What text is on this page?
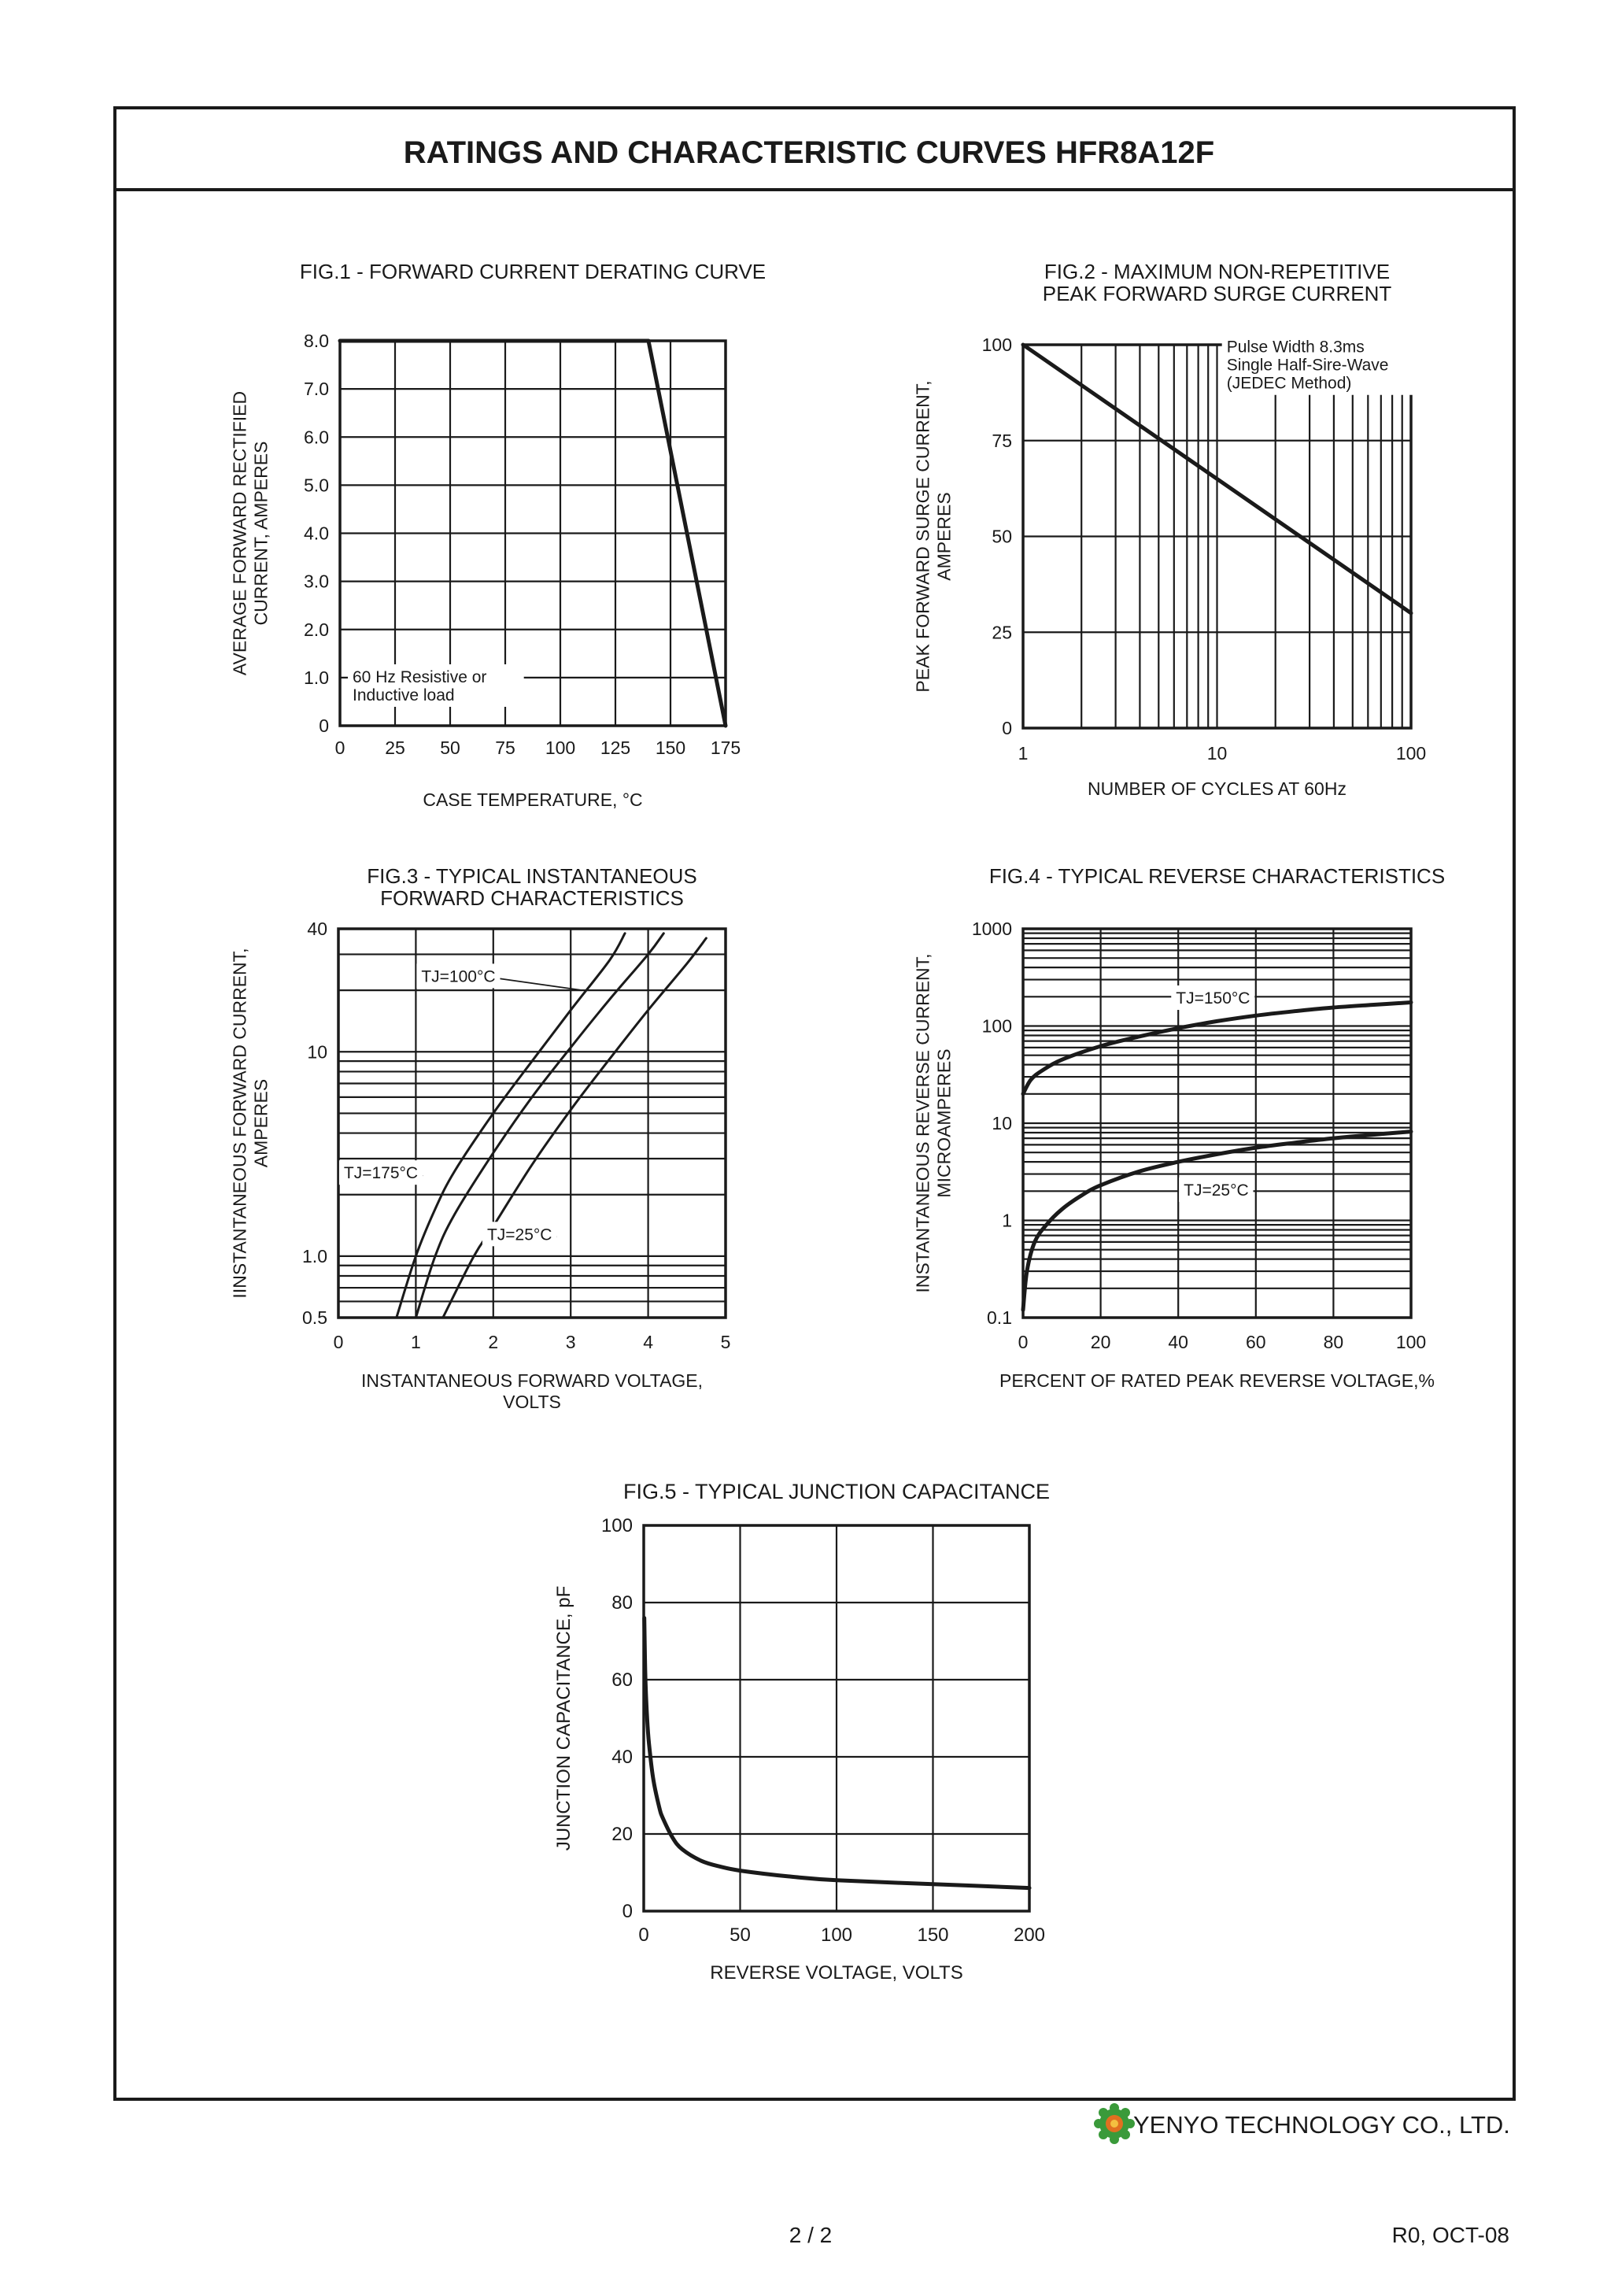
RATINGS AND CHARACTERISTIC CURVES HFR8A12F
FIG.1 - FORWARD CURRENT DERATING CURVE
0 25 50 75 100 125 150 175
0
1.0
2.0
3.0
4.0
5.0
6.0
7.0
8.0
CASE TEMPERATURE, °C
AVERAGE FORWARD RECTIFIED CURRENT, AMPERES
60 Hz Resistive or
Inductive load
FIG.2 - MAXIMUM NON-REPETITIVE
PEAK FORWARD SURGE CURRENT
1	10	100
0
25
50
75
100
NUMBER OF CYCLES AT 60Hz
PEAK FORWARD SURGE CURRENT, AMPERES
Pulse Width 8.3ms
Single Half-Sire-Wave
(JEDEC Method)
FIG.3 - TYPICAL INSTANTANEOUS
FORWARD CHARACTERISTICS
0	1	2	3	4	5
0.5
1.0
10
40
INSTANTANEOUS FORWARD VOLTAGE,
VOLTS
IINSTANTANEOUS FORWARD CURRENT, AMPERES
TJ=100°C
TJ=175°C
TJ=25°C
FIG.4 - TYPICAL REVERSE CHARACTERISTICS
0	20	40	60	80	100
0.1
1
10
100
1000
PERCENT OF RATED PEAK REVERSE VOLTAGE,%
INSTANTANEOUS REVERSE CURRENT, MICROAMPERES
TJ=150°C
TJ=25°C
FIG.5 - TYPICAL JUNCTION CAPACITANCE
0	50	100	150	200
0
20
40
60
80
100
REVERSE VOLTAGE, VOLTS
JUNCTION CAPACITANCE, pF
YENYO TECHNOLOGY CO., LTD.
2 / 2	R0, OCT-08
